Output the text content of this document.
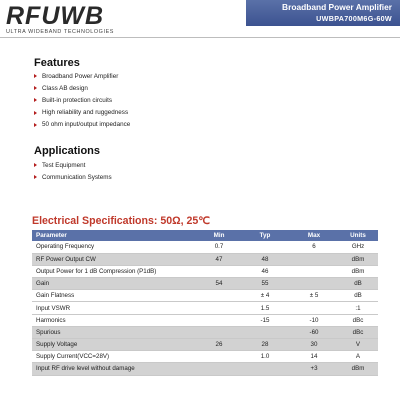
RFUWB
ULTRA WIDEBAND TECHNOLOGIES
Broadband Power Amplifier
UWBPA700M6G-60W
Features
Broadband Power Amplifier
Class AB design
Built-in protection circuits
High reliability and ruggedness
50 ohm input/output impedance
Applications
Test Equipment
Communication Systems
Electrical Specifications: 50Ω, 25℃
Parameter	Min	Typ	Max	Units
Operating Frequency	0.7		6	GHz
RF Power Output CW	47	48		dBm
Output Power for 1 dB Compression (P1dB)		46		dBm
Gain	54	55		dB
Gain Flatness		± 4	± 5	dB
Input VSWR		1.5		:1
Harmonics		-15	-10	dBc
Spurious			-60	dBc
Supply Voltage	26	28	30	V
Supply Current(VCC=28V)		1.0	14	A
Input RF drive level without damage			+3	dBm
